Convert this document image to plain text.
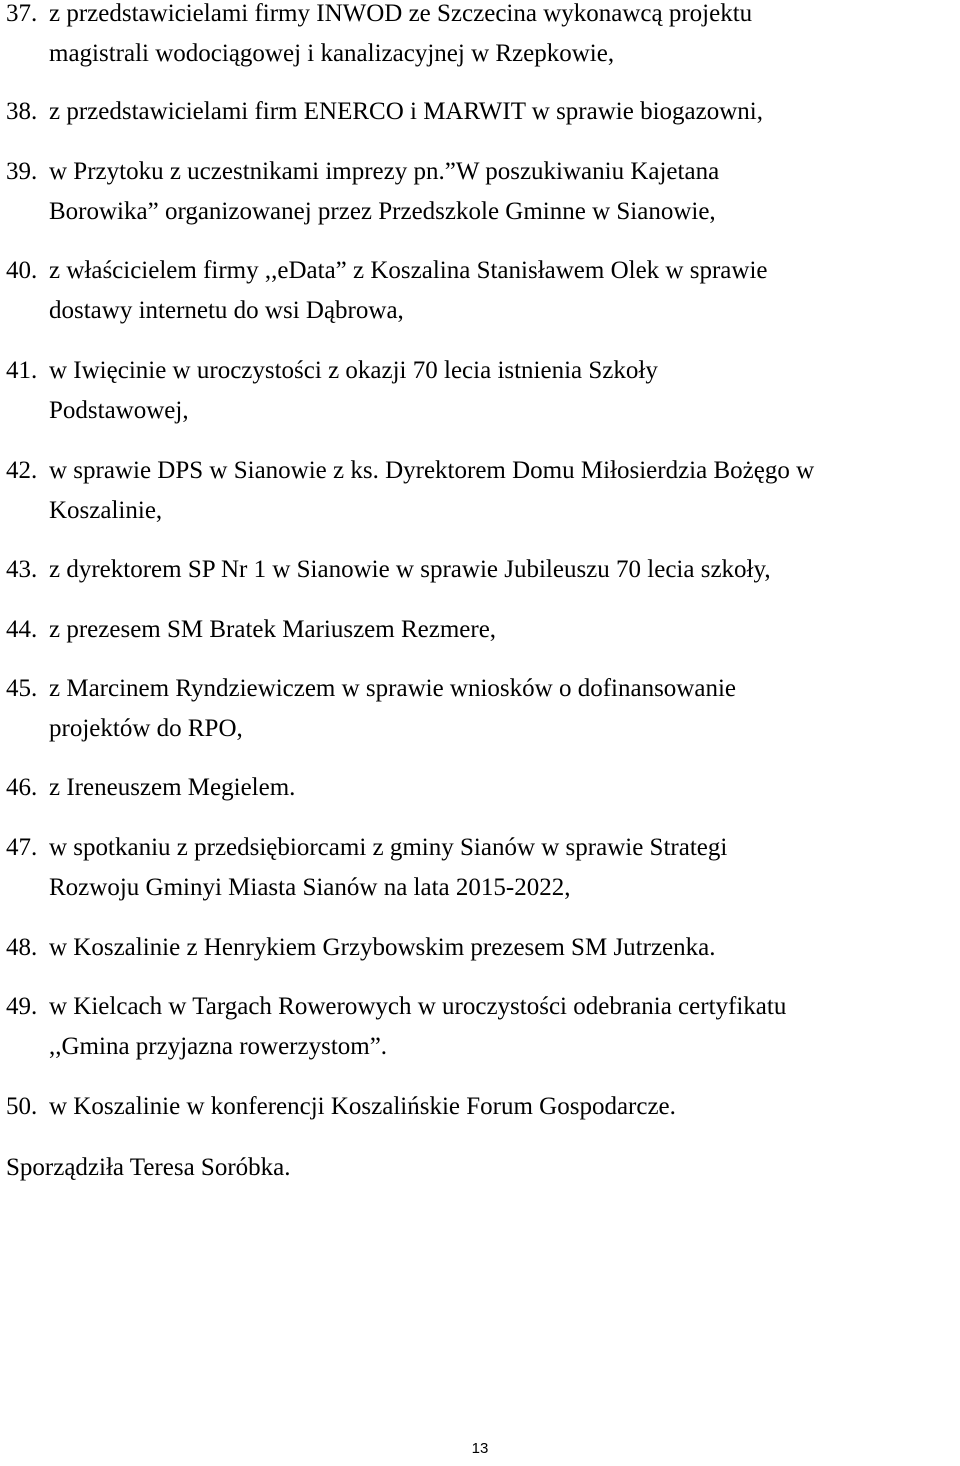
37. z przedstawicielami firmy INWOD ze Szczecina wykonawcą projektu
magistrali wodociągowej i kanalizacyjnej w Rzepkowie,
38. z przedstawicielami firm ENERCO i MARWIT w sprawie biogazowni,
39. w Przytoku z uczestnikami imprezy pn.”W poszukiwaniu Kajetana
Borowika” organizowanej przez Przedszkole Gminne w Sianowie,
40. z właścicielem firmy ,,eData” z Koszalina Stanisławem Olek w sprawie
dostawy internetu do wsi Dąbrowa,
41. w Iwięcinie w uroczystości z okazji 70 lecia istnienia Szkoły
Podstawowej,
42. w sprawie DPS w Sianowie z ks. Dyrektorem Domu Miłosierdzia Bożęgo w
Koszalinie,
43. z dyrektorem SP Nr 1 w Sianowie w sprawie Jubileuszu 70 lecia szkoły,
44. z prezesem SM Bratek Mariuszem Rezmere,
45. z Marcinem Ryndziewiczem w sprawie wniosków o dofinansowanie
projektów do RPO,
46. z Ireneuszem Megielem.
47. w spotkaniu z przedsiębiorcami z gminy Sianów w sprawie Strategi
Rozwoju Gminyi Miasta Sianów na lata 2015-2022,
48. w Koszalinie z Henrykiem Grzybowskim prezesem SM Jutrzenka.
49. w Kielcach w Targach Rowerowych w uroczystości odebrania certyfikatu
,,Gmina przyjazna rowerzystom”.
50. w Koszalinie w konferencji Koszalińskie Forum Gospodarcze.
Sporządziła Teresa Soróbka.
13
